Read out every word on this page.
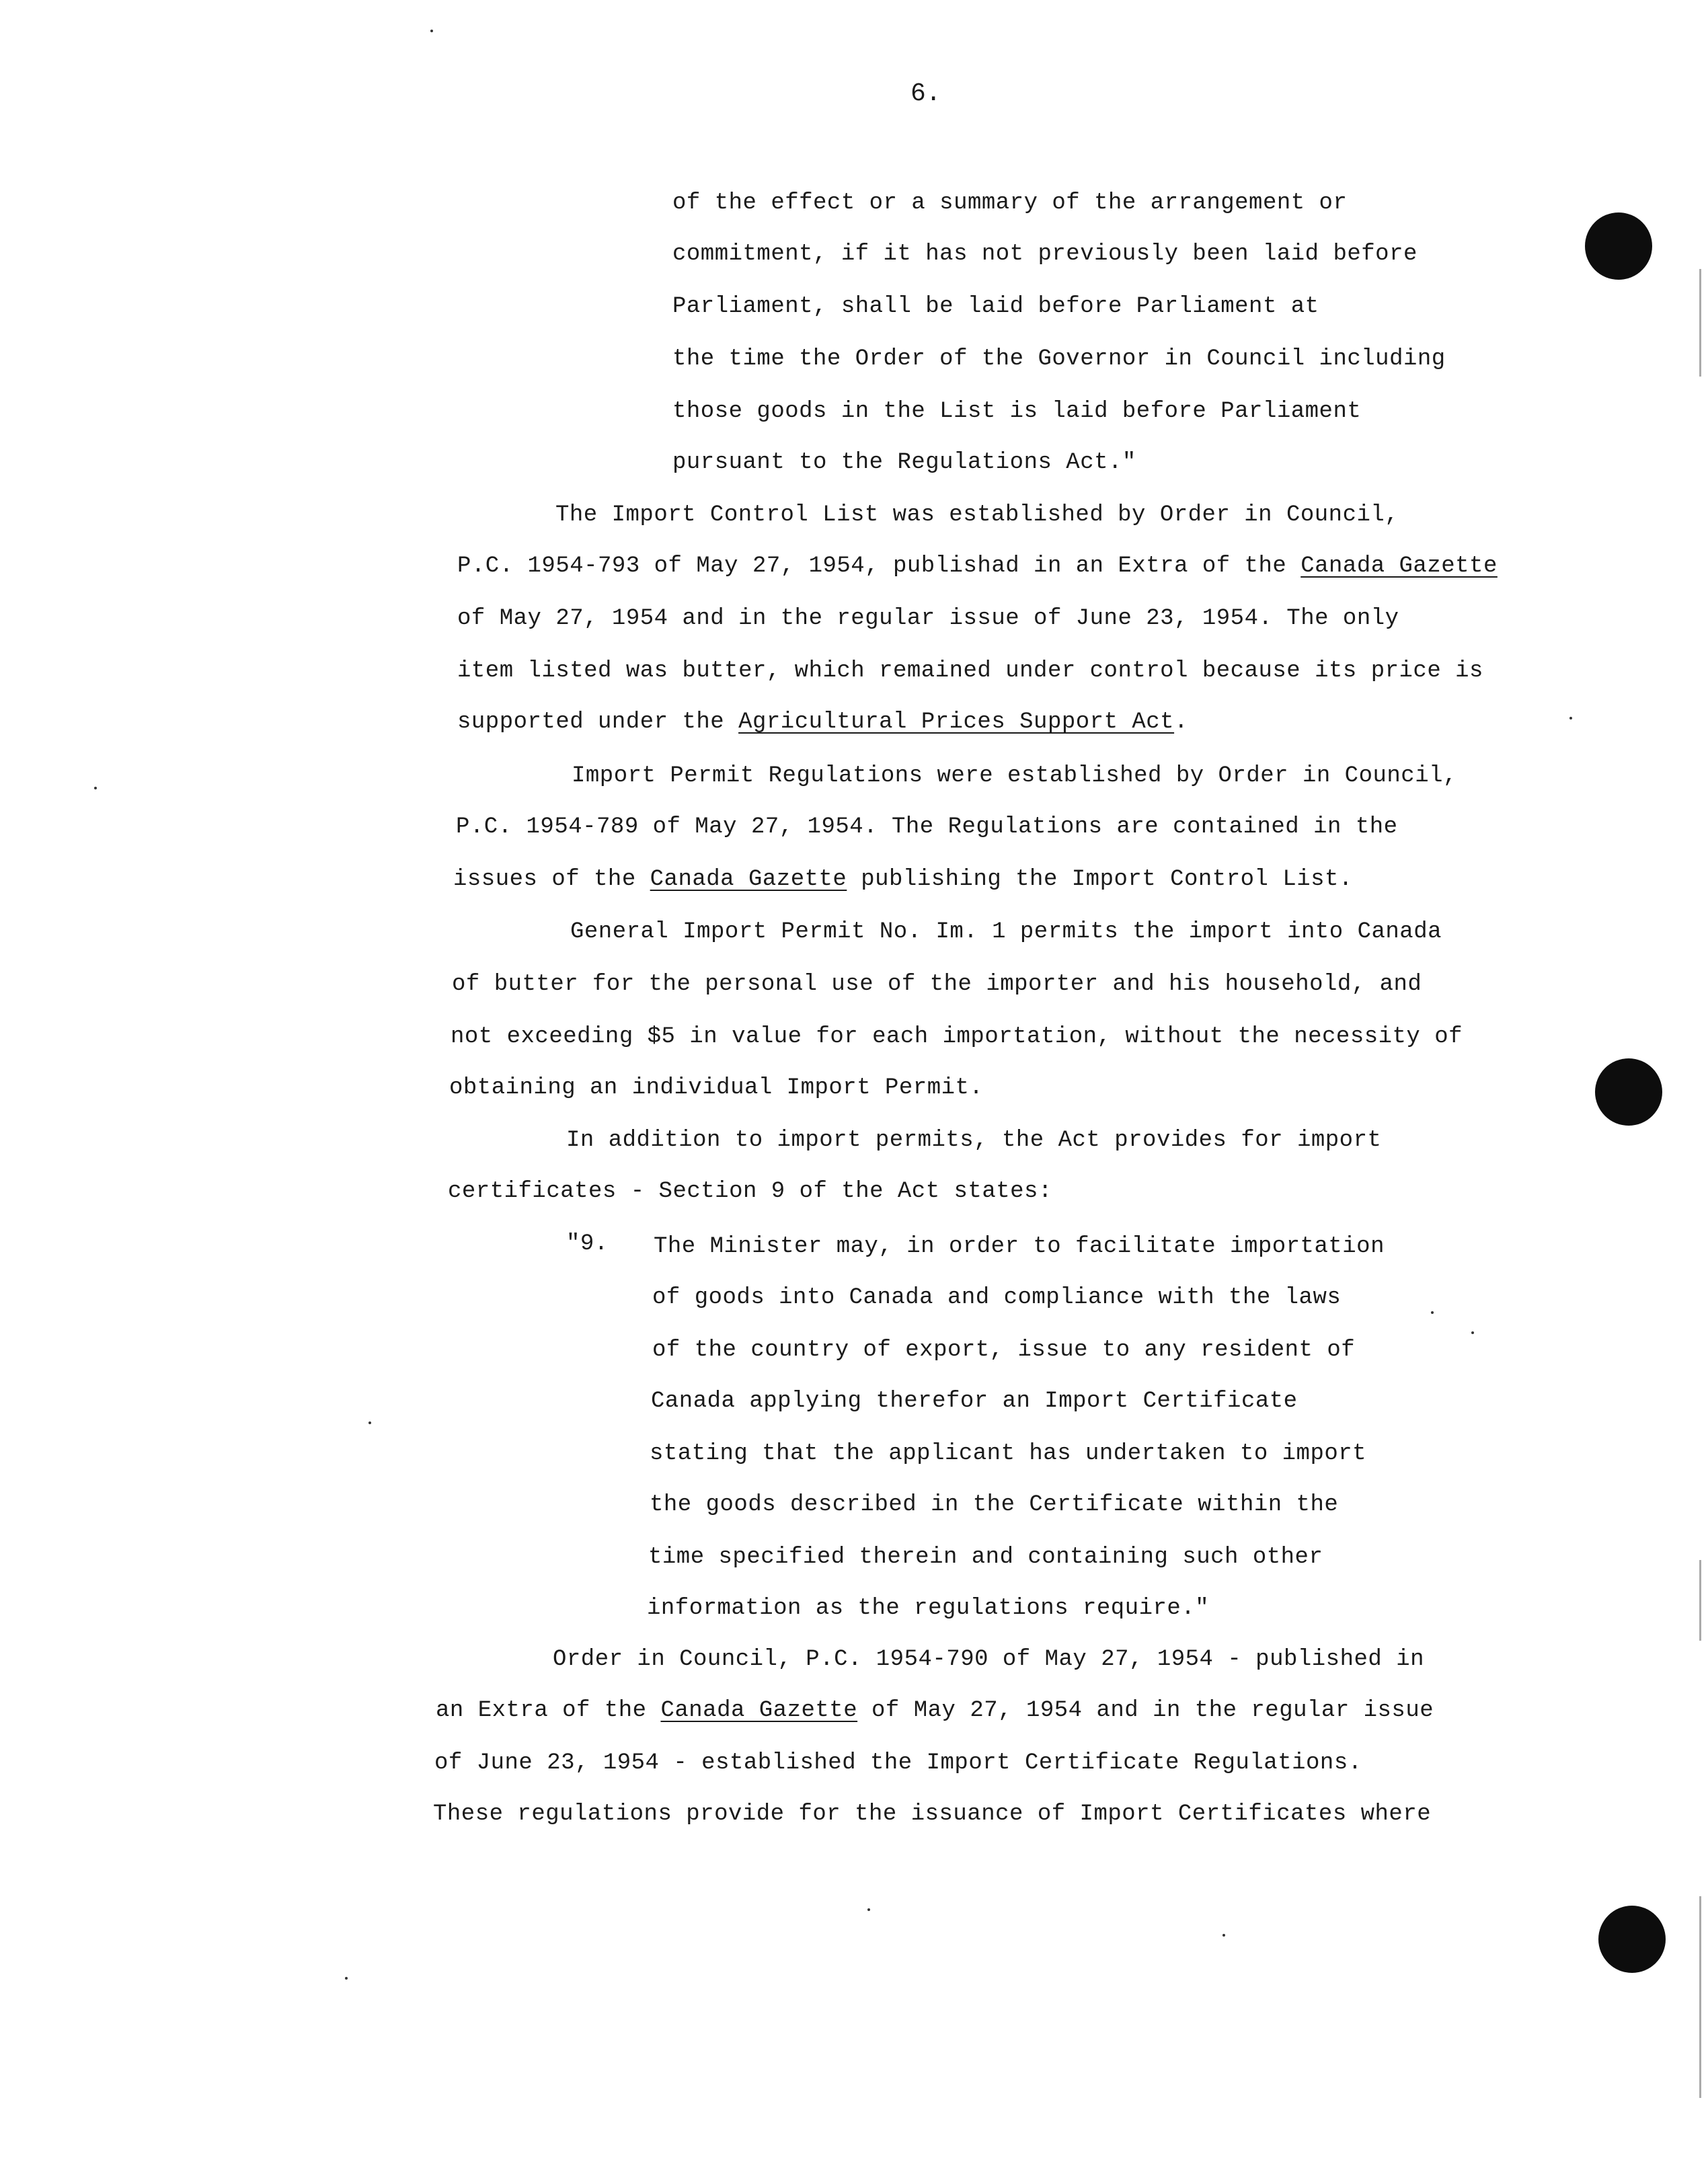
6.
of the effect or a summary of the arrangement or
commitment, if it has not previously been laid before
Parliament, shall be laid before Parliament at
the time the Order of the Governor in Council including
those goods in the List is laid before Parliament
pursuant to the Regulations Act."
The Import Control List was established by Order in Council,
P.C. 1954-793 of May 27, 1954, publishad in an Extra of the Canada Gazette
of May 27, 1954 and in the regular issue of June 23, 1954. The only
item listed was butter, which remained under control because its price is
supported under the Agricultural Prices Support Act.
Import Permit Regulations were established by Order in Council,
P.C. 1954-789 of May 27, 1954. The Regulations are contained in the
issues of the Canada Gazette publishing the Import Control List.
General Import Permit No. Im. 1 permits the import into Canada
of butter for the personal use of the importer and his household, and
not exceeding $5 in value for each importation, without the necessity of
obtaining an individual Import Permit.
In addition to import permits, the Act provides for import
certificates - Section 9 of the Act states:
"9. The Minister may, in order to facilitate importation
of goods into Canada and compliance with the laws
of the country of export, issue to any resident of
Canada applying therefor an Import Certificate
stating that the applicant has undertaken to import
the goods described in the Certificate within the
time specified therein and containing such other
information as the regulations require."
Order in Council, P.C. 1954-790 of May 27, 1954 - published in
an Extra of the Canada Gazette of May 27, 1954 and in the regular issue
of June 23, 1954 - established the Import Certificate Regulations.
These regulations provide for the issuance of Import Certificates where
